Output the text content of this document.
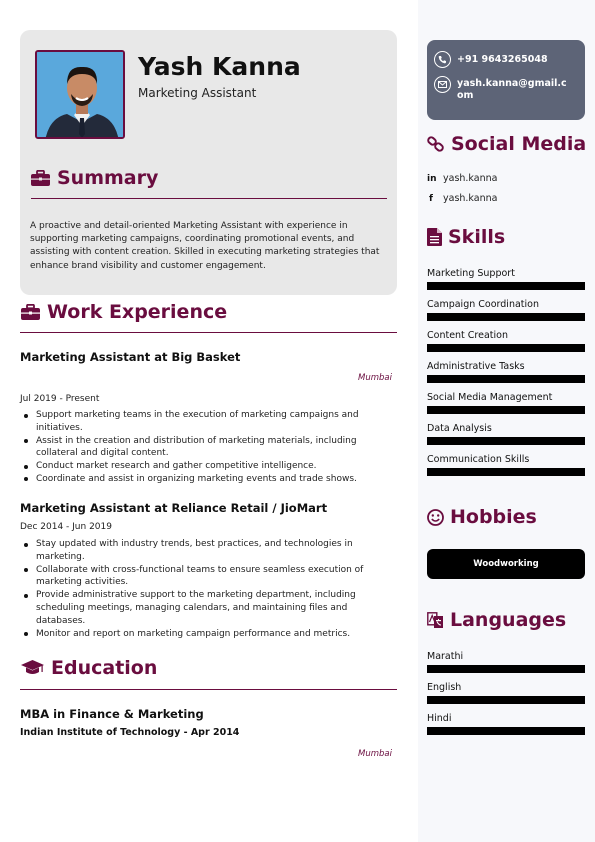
Yash Kanna
Marketing Assistant
Summary
A proactive and detail-oriented Marketing Assistant with experience in supporting marketing campaigns, coordinating promotional events, and assisting with content creation. Skilled in executing marketing strategies that enhance brand visibility and customer engagement.
Work Experience
Marketing Assistant at Big Basket
Mumbai
Jul 2019 - Present
Support marketing teams in the execution of marketing campaigns and initiatives.
Assist in the creation and distribution of marketing materials, including collateral and digital content.
Conduct market research and gather competitive intelligence.
Coordinate and assist in organizing marketing events and trade shows.
Marketing Assistant at Reliance Retail / JioMart
Dec 2014 - Jun 2019
Stay updated with industry trends, best practices, and technologies in marketing.
Collaborate with cross-functional teams to ensure seamless execution of marketing activities.
Provide administrative support to the marketing department, including scheduling meetings, managing calendars, and maintaining files and databases.
Monitor and report on marketing campaign performance and metrics.
Education
MBA in Finance & Marketing
Indian Institute of Technology - Apr 2014
Mumbai
+91 9643265048
yash.kanna@gmail.com
Social Media
in yash.kanna
f yash.kanna
Skills
Marketing Support
Campaign Coordination
Content Creation
Administrative Tasks
Social Media Management
Data Analysis
Communication Skills
Hobbies
Woodworking
Languages
Marathi
English
Hindi
